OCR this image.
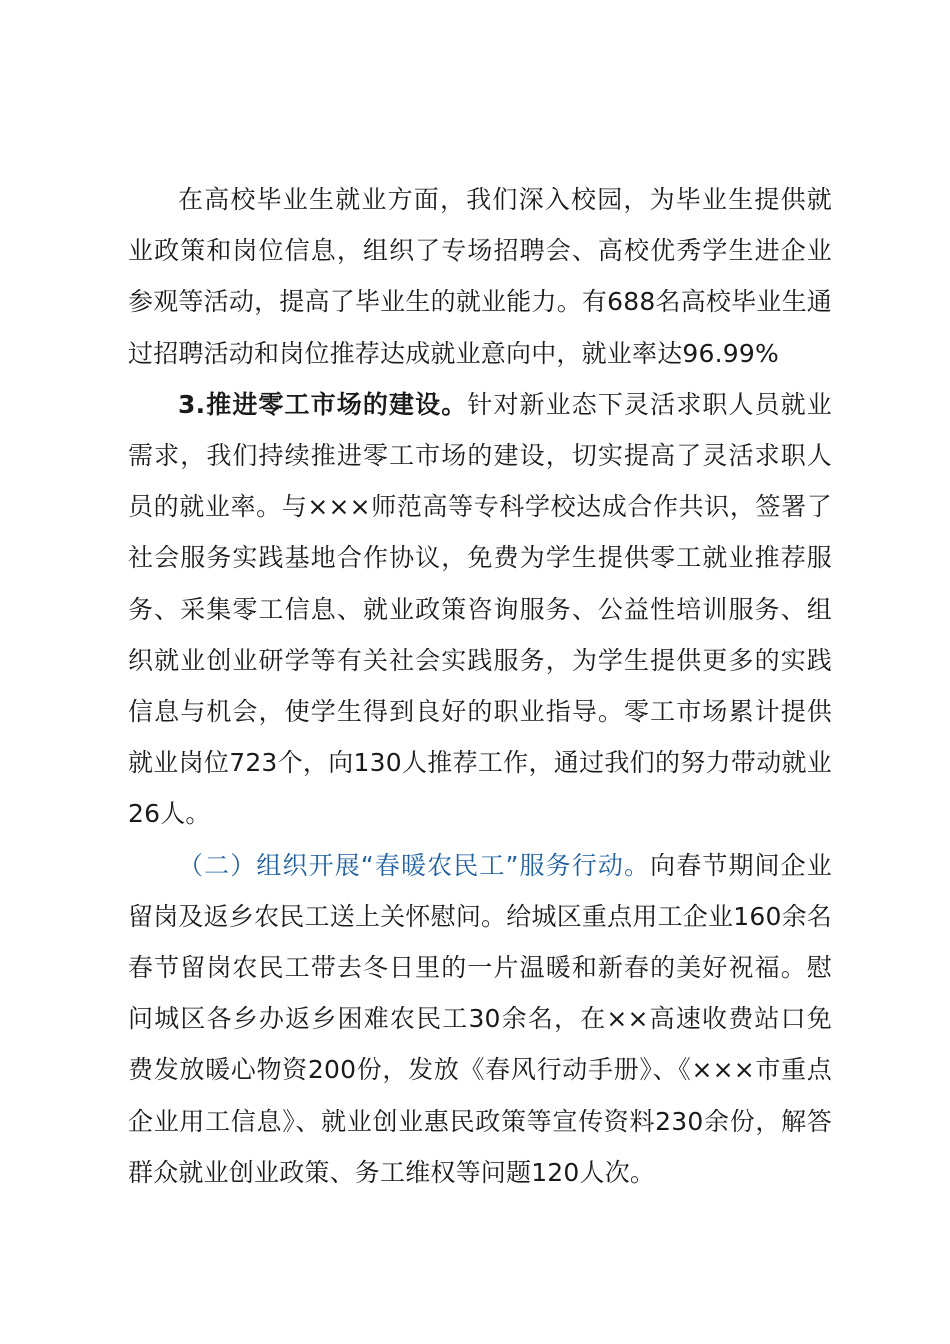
在高校毕业生就业方面，我们深入校园，为毕业生提供就业政策和岗位信息，组织了专场招聘会、高校优秀学生进企业参观等活动，提高了毕业生的就业能力。有688名高校毕业生通过招聘活动和岗位推荐达成就业意向中，就业率达96.99%

3.推进零工市场的建设。针对新业态下灵活求职人员就业需求，我们持续推进零工市场的建设，切实提高了灵活求职人员的就业率。与×××师范高等专科学校达成合作共识，签署了社会服务实践基地合作协议，免费为学生提供零工就业推荐服务、采集零工信息、就业政策咨询服务、公益性培训服务、组织就业创业研学等有关社会实践服务，为学生提供更多的实践信息与机会，使学生得到良好的职业指导。零工市场累计提供就业岗位723个，向130人推荐工作，通过我们的努力带动就业26人。

（二）组织开展“春暖农民工”服务行动。向春节期间企业留岗及返乡农民工送上关怀慰问。给城区重点用工企业160余名春节留岗农民工带去冬日里的一片温暖和新春的美好祝福。慰问城区各乡办返乡困难农民工30余名，在××高速收费站口免费发放暖心物资200份，发放《春风行动手册》、《×××市重点企业用工信息》、就业创业惠民政策等宣传资料230余份，解答群众就业创业政策、务工维权等问题120人次。
